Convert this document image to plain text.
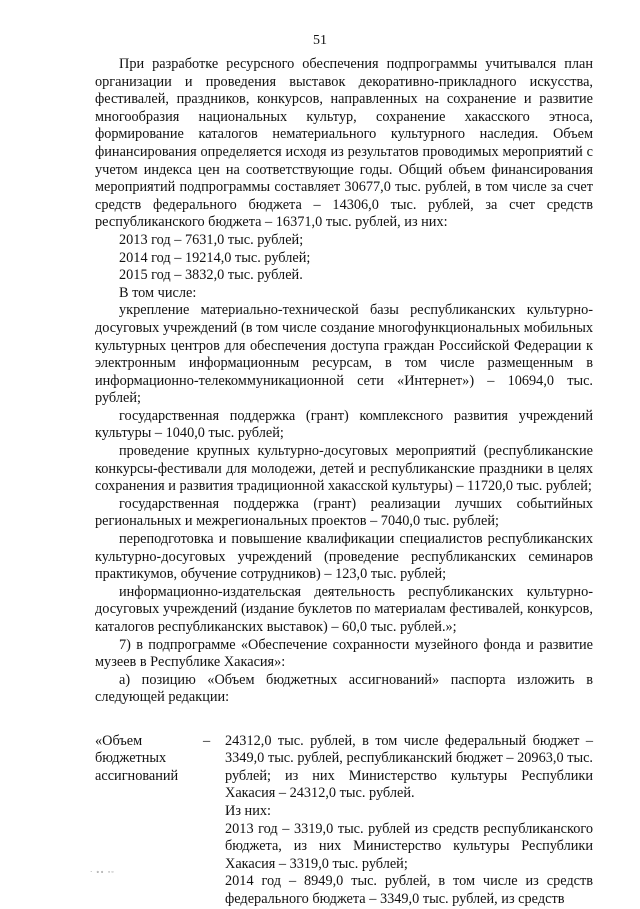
51

При разработке ресурсного обеспечения подпрограммы учитывался план организации и проведения выставок декоративно-прикладного искусства, фестивалей, праздников, конкурсов, направленных на сохранение и развитие многообразия национальных культур, сохранение хакасского этноса, формирование каталогов нематериального культурного наследия. Объем финансирования определяется исходя из результатов проводимых мероприятий с учетом индекса цен на соответствующие годы. Общий объем финансирования мероприятий подпрограммы составляет 30677,0 тыс. рублей, в том числе за счет средств федерального бюджета – 14306,0 тыс. рублей, за счет средств республиканского бюджета – 16371,0 тыс. рублей, из них:

2013 год – 7631,0 тыс. рублей;

2014 год – 19214,0 тыс. рублей;

2015 год – 3832,0 тыс. рублей.

В том числе:

укрепление материально-технической базы республиканских культурно-досуговых учреждений (в том числе создание многофункциональных мобильных культурных центров для обеспечения доступа граждан Российской Федерации к электронным информационным ресурсам, в том числе размещенным в информационно-телекоммуникационной сети «Интернет») – 10694,0 тыс. рублей;

государственная поддержка (грант) комплексного развития учреждений культуры – 1040,0 тыс. рублей;

проведение крупных культурно-досуговых мероприятий (республиканские конкурсы-фестивали для молодежи, детей и республиканские праздники в целях сохранения и развития традиционной хакасской культуры) – 11720,0 тыс. рублей;

государственная поддержка (грант) реализации лучших событийных региональных и межрегиональных проектов – 7040,0 тыс. рублей;

переподготовка и повышение квалификации специалистов республиканских культурно-досуговых учреждений (проведение республиканских семинаров практикумов, обучение сотрудников) – 123,0 тыс. рублей;

информационно-издательская деятельность республиканских культурно-досуговых учреждений (издание буклетов по материалам фестивалей, конкурсов, каталогов республиканских выставок) – 60,0 тыс. рублей.»;

7) в подпрограмме «Обеспечение сохранности музейного фонда и развитие музеев в Республике Хакасия»:

а) позицию «Объем бюджетных ассигнований» паспорта изложить в следующей редакции:

«Объем бюджетных ассигнований
–	24312,0 тыс. рублей, в том числе федеральный бюджет – 3349,0 тыс. рублей, республиканский бюджет – 20963,0 тыс. рублей; из них Министерство культуры Республики Хакасия – 24312,0 тыс. рублей.

Из них:

2013 год – 3319,0 тыс. рублей из средств республиканского бюджета, из них Министерство культуры Республики Хакасия – 3319,0 тыс. рублей;

2014 год – 8949,0 тыс. рублей, в том числе из средств федерального бюджета – 3349,0 тыс. рублей, из средств

· ∘∘ ◦◦
